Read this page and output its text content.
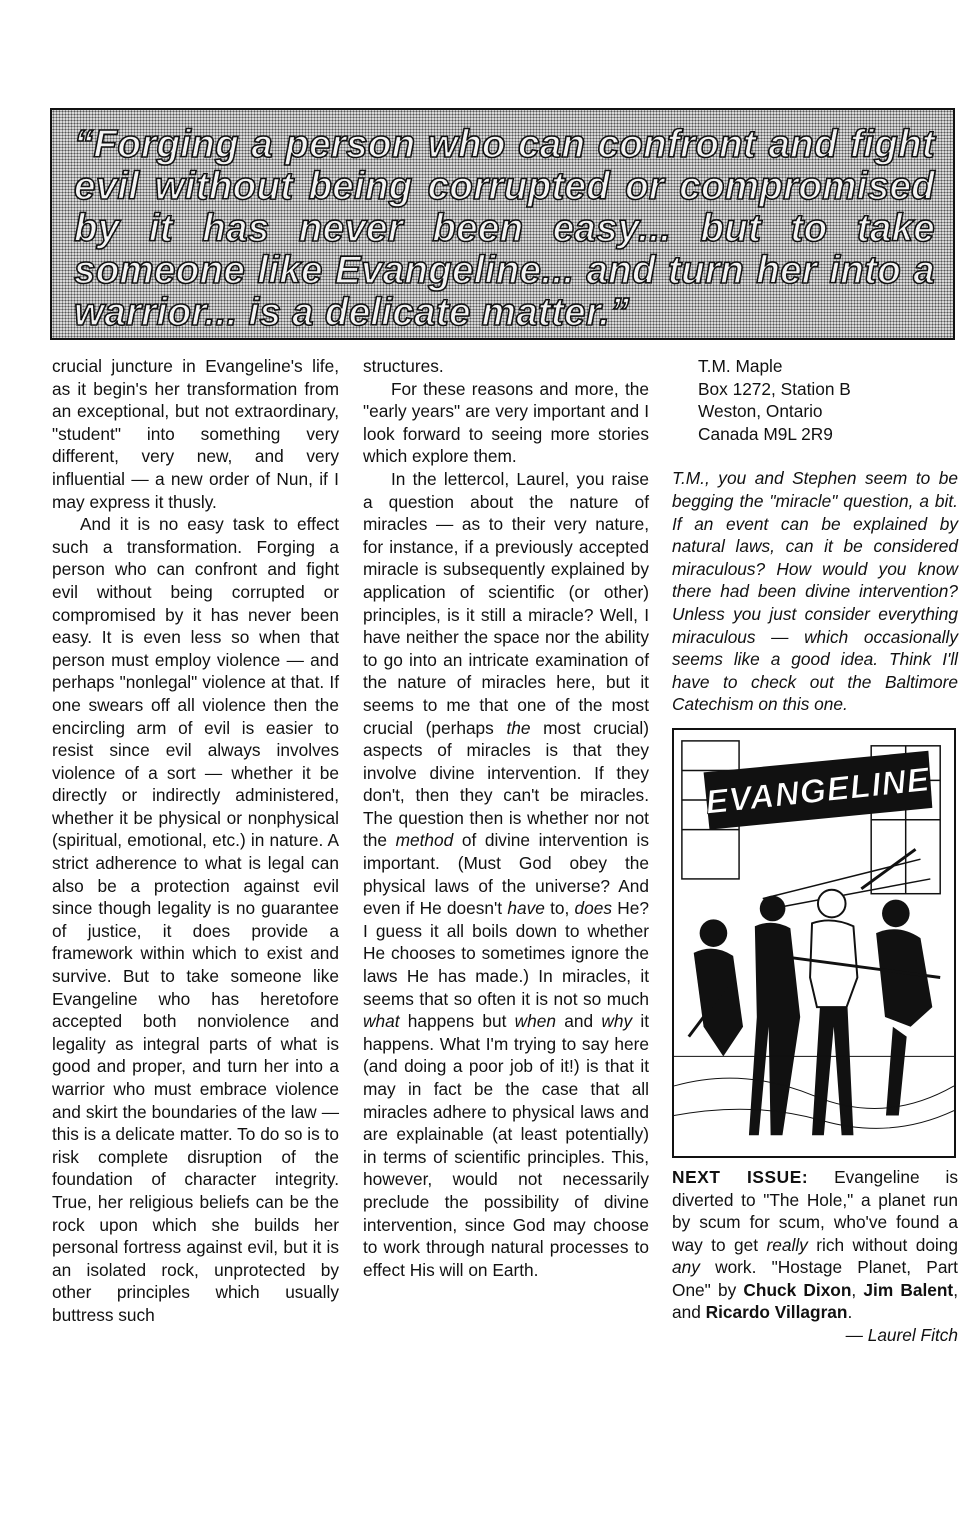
“Forging a person who can confront and fight evil without being corrupted or compromised by it has never been easy... but to take someone like Evangeline... and turn her into a warrior... is a delicate matter.”

crucial juncture in Evangeline's life, as it begin's her transformation from an exceptional, but not extraordinary, "student" into something very different, very new, and very influential — a new order of Nun, if I may express it thusly.

And it is no easy task to effect such a transformation. Forging a person who can confront and fight evil without being corrupted or compromised by it has never been easy. It is even less so when that person must employ violence — and perhaps "nonlegal" violence at that. If one swears off all violence then the encircling arm of evil is easier to resist since evil always involves violence of a sort — whether it be directly or indirectly administered, whether it be physical or nonphysical (spiritual, emotional, etc.) in nature. A strict adherence to what is legal can also be a protection against evil since though legality is no guarantee of justice, it does provide a framework within which to exist and survive. But to take someone like Evangeline who has heretofore accepted both nonviolence and legality as integral parts of what is good and proper, and turn her into a warrior who must embrace violence and skirt the boundaries of the law — this is a delicate matter. To do so is to risk complete disruption of the foundation of character integrity. True, her religious beliefs can be the rock upon which she builds her personal fortress against evil, but it is an isolated rock, unprotected by other principles which usually buttress such

structures.

For these reasons and more, the "early years" are very important and I look forward to seeing more stories which explore them.

In the lettercol, Laurel, you raise a question about the nature of miracles — as to their very nature, for instance, if a previously accepted miracle is subsequently explained by application of scientific (or other) principles, is it still a miracle? Well, I have neither the space nor the ability to go into an intricate examination of the nature of miracles here, but it seems to me that one of the most crucial (perhaps the most crucial) aspects of miracles is that they involve divine intervention. If they don't, then they can't be miracles. The question then is whether nor not the method of divine intervention is important. (Must God obey the physical laws of the universe? And even if He doesn't have to, does He? I guess it all boils down to whether He chooses to sometimes ignore the laws He has made.) In miracles, it seems that so often it is not so much what happens but when and why it happens. What I'm trying to say here (and doing a poor job of it!) is that it may in fact be the case that all miracles adhere to physical laws and are explainable (at least potentially) in terms of scientific principles. This, however, would not necessarily preclude the possibility of divine intervention, since God may choose to work through natural processes to effect His will on Earth.

T.M. Maple
Box 1272, Station B
Weston, Ontario
Canada M9L 2R9

T.M., you and Stephen seem to be begging the "miracle" question, a bit. If an event can be explained by natural laws, can it be considered miraculous? How would you know there had been divine intervention? Unless you just consider everything miraculous — which occasionally seems like a good idea. Think I'll have to check out the Baltimore Catechism on this one.

EVANGELINE

NEXT ISSUE: Evangeline is diverted to "The Hole," a planet run by scum for scum, who've found a way to get really rich without doing any work. "Hostage Planet, Part One" by Chuck Dixon, Jim Balent, and Ricardo Villagran.

— Laurel Fitch
